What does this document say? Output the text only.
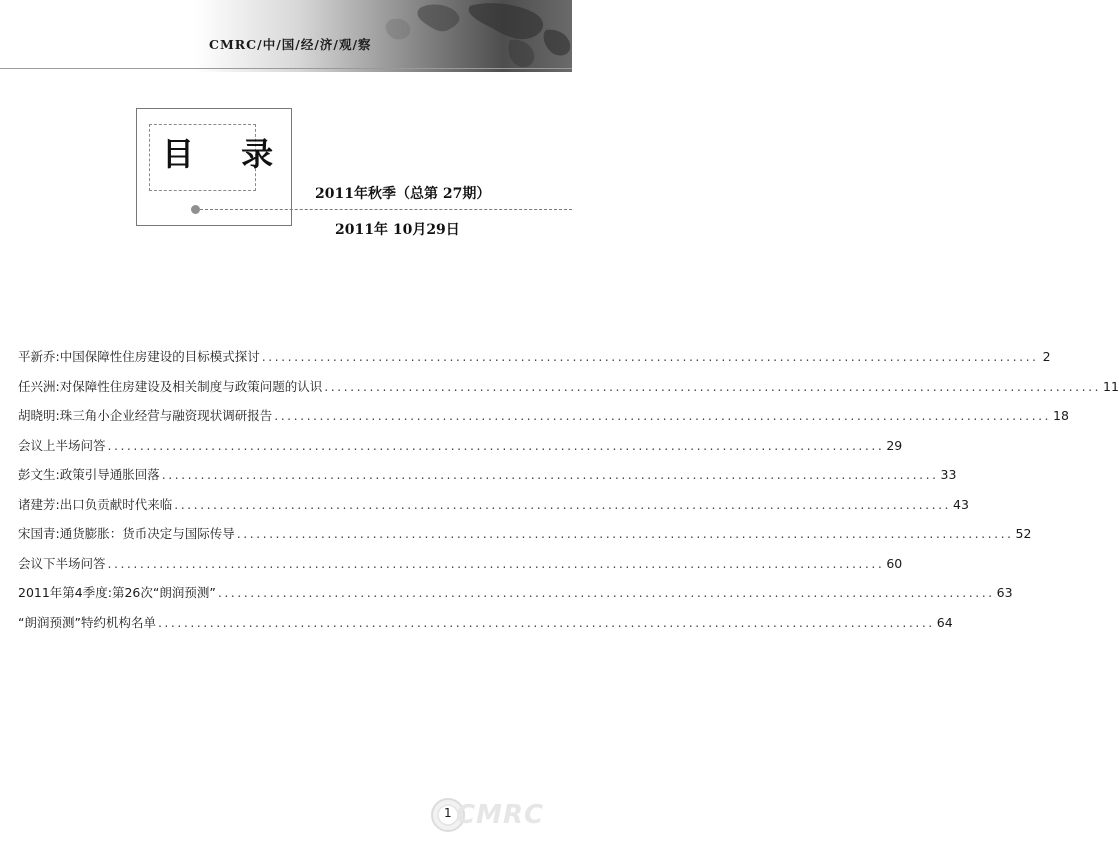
CMRC/中/国/经/济/观/察
目 录
2011年秋季（总第 27期）
2011年 10月29日
平新乔:中国保障性住房建设的目标模式探讨 ........................................................................................................................ 2
任兴洲:对保障性住房建设及相关制度与政策问题的认识 ........................................................................................................................ 11
胡晓明:珠三角小企业经营与融资现状调研报告 ........................................................................................................................ 18
会议上半场问答 ........................................................................................................................ 29
彭文生:政策引导通胀回落 ........................................................................................................................ 33
诸建芳:出口负贡献时代来临 ........................................................................................................................ 43
宋国青:通货膨胀：货币决定与国际传导 ........................................................................................................................ 52
会议下半场问答 ........................................................................................................................ 60
2011年第4季度:第26次“朗润预测” ........................................................................................................................ 63
“朗润预测”特约机构名单 ........................................................................................................................ 64
CMRC
1
